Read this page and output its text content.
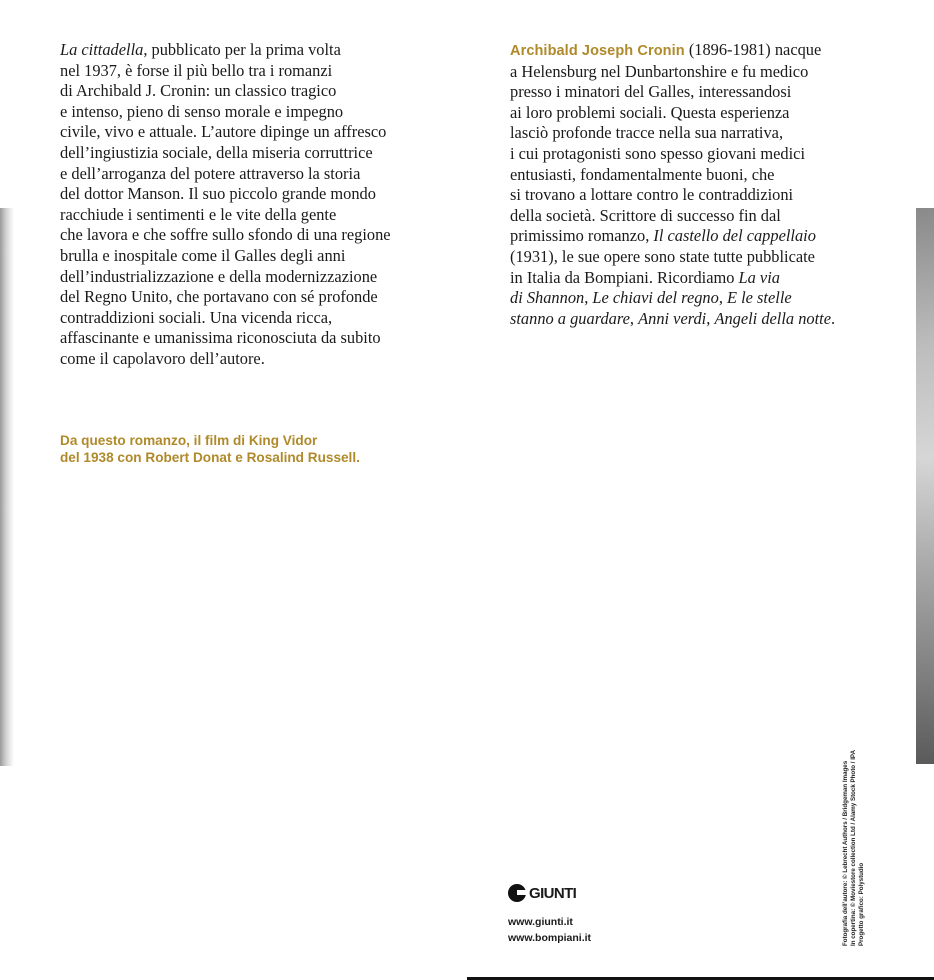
La cittadella, pubblicato per la prima volta
nel 1937, è forse il più bello tra i romanzi
di Archibald J. Cronin: un classico tragico
e intenso, pieno di senso morale e impegno
civile, vivo e attuale. L’autore dipinge un affresco
dell’ingiustizia sociale, della miseria corruttrice
e dell’arroganza del potere attraverso la storia
del dottor Manson. Il suo piccolo grande mondo
racchiude i sentimenti e le vite della gente
che lavora e che soffre sullo sfondo di una regione
brulla e inospitale come il Galles degli anni
dell’industrializzazione e della modernizzazione
del Regno Unito, che portavano con sé profonde
contraddizioni sociali. Una vicenda ricca,
affascinante e umanissima riconosciuta da subito
come il capolavoro dell’autore.
Da questo romanzo, il film di King Vidor
del 1938 con Robert Donat e Rosalind Russell.
Archibald Joseph Cronin (1896-1981) nacque
a Helensburg nel Dunbartonshire e fu medico
presso i minatori del Galles, interessandosi
ai loro problemi sociali. Questa esperienza
lasciò profonde tracce nella sua narrativa,
i cui protagonisti sono spesso giovani medici
entusiasti, fondamentalmente buoni, che
si trovano a lottare contro le contraddizioni
della società. Scrittore di successo fin dal
primissimo romanzo, Il castello del cappellaio
(1931), le sue opere sono state tutte pubblicate
in Italia da Bompiani. Ricordiamo La via
di Shannon, Le chiavi del regno, E le stelle
stanno a guardare, Anni verdi, Angeli della notte.
GIUNTI
www.giunti.it
www.bompiani.it	Fotografia dell’autore: © Lebrecht Authors / Bridgeman Images In copertina: © Moviestore collection Ltd / Alamy Stock Photo / IPA Progetto grafico: Polystudio
